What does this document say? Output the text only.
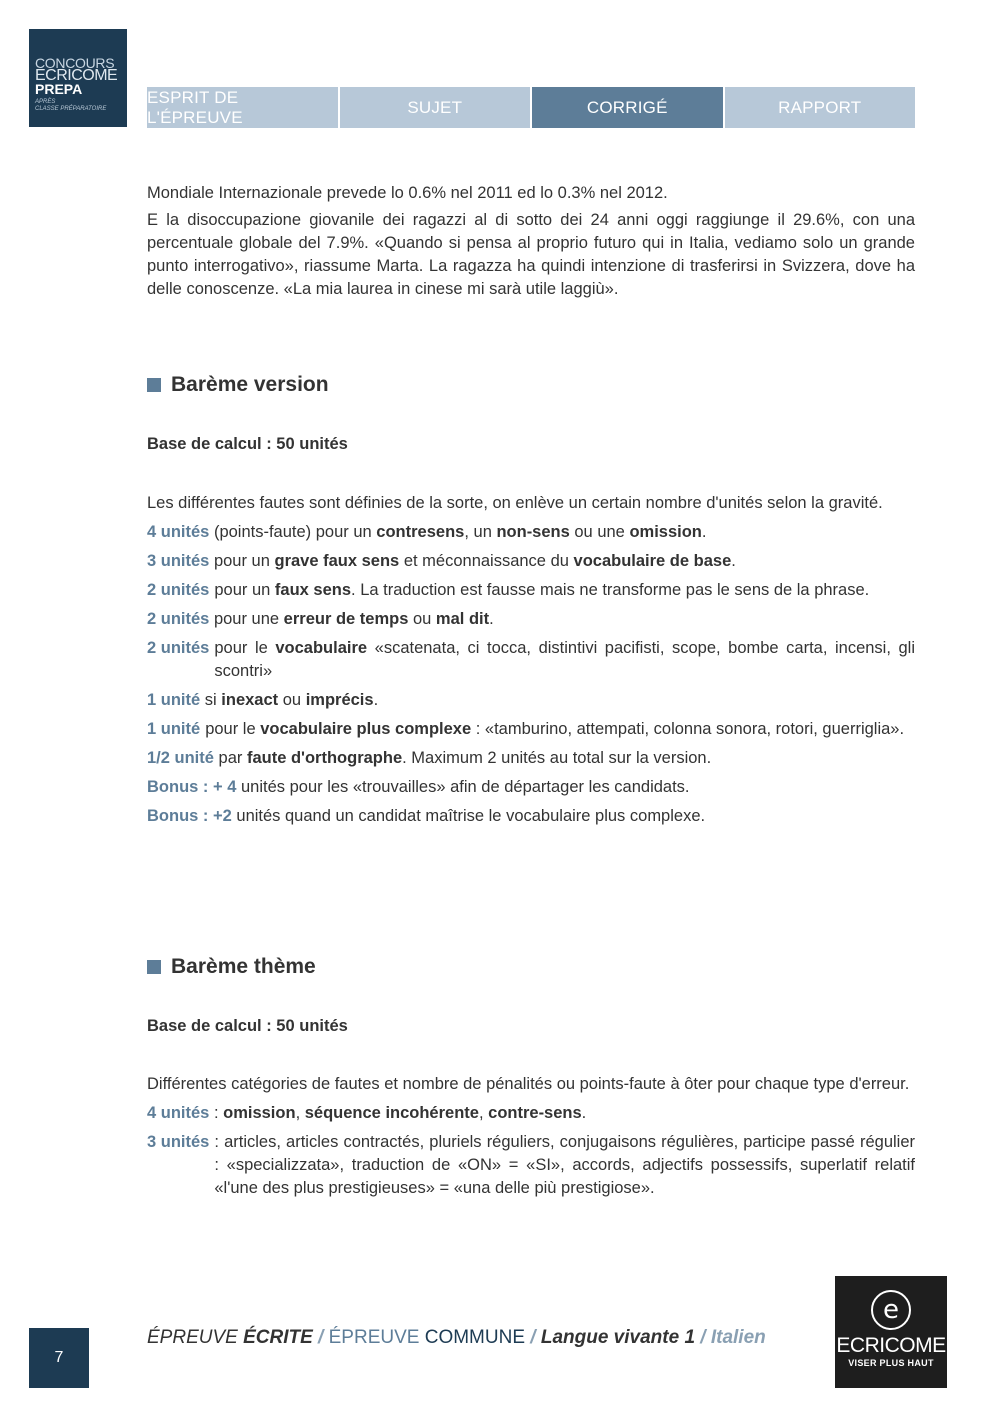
CONCOURS
ECRICOME
PREPA
APRÈS
CLASSE PRÉPARATOIRE
ESPRIT DE L'ÉPREUVE
SUJET	CORRIGÉ	RAPPORT

Mondiale Internazionale prevede lo 0.6% nel 2011 ed lo 0.3% nel 2012.

E la disoccupazione giovanile dei ragazzi al di sotto dei 24 anni oggi raggiunge il 29.6%, con una percentuale globale del 7.9%. «Quando si pensa al proprio futuro qui in Italia, vediamo solo un grande punto interrogativo», riassume Marta. La ragazza ha quindi intenzione di trasferirsi in Svizzera, dove ha delle conoscenze. «La mia laurea in cinese mi sarà utile laggiù».

Barème version
Base de calcul : 50 unités

Les différentes fautes sont définies de la sorte, on enlève un certain nombre d'unités selon la gravité.

4 unités (points-faute) pour un contresens, un non-sens ou une omission.
3 unités pour un grave faux sens et méconnaissance du vocabulaire de base.
2 unités pour un faux sens. La traduction est fausse mais ne transforme pas le sens de la phrase.
2 unités pour une erreur de temps ou mal dit.
2 unités pour le vocabulaire «scatenata, ci tocca, distintivi pacifisti, scope, bombe carta, incensi, gli scontri»
1 unité si inexact ou imprécis.
1 unité pour le vocabulaire plus complexe : «tamburino, attempati, colonna sonora, rotori, guerriglia».
1/2 unité par faute d'orthographe. Maximum 2 unités au total sur la version.
Bonus : + 4 unités pour les «trouvailles» afin de départager les candidats.
Bonus : +2 unités quand un candidat maîtrise le vocabulaire plus complexe.
Barème thème
Base de calcul : 50 unités

Différentes catégories de fautes et nombre de pénalités ou points-faute à ôter pour chaque type d'erreur.

4 unités : omission, séquence incohérente, contre-sens.
3 unités : articles, articles contractés, pluriels réguliers, conjugaisons régulières, participe passé régulier : «specializzata», traduction de «ON» = «SI», accords, adjectifs possessifs, superlatif relatif «l'une des plus prestigieuses» = «una delle più prestigiose».
7
ÉPREUVE ÉCRITE / ÉPREUVE COMMUNE / Langue vivante 1 / Italien
e
ECRICOME
VISER PLUS HAUT
